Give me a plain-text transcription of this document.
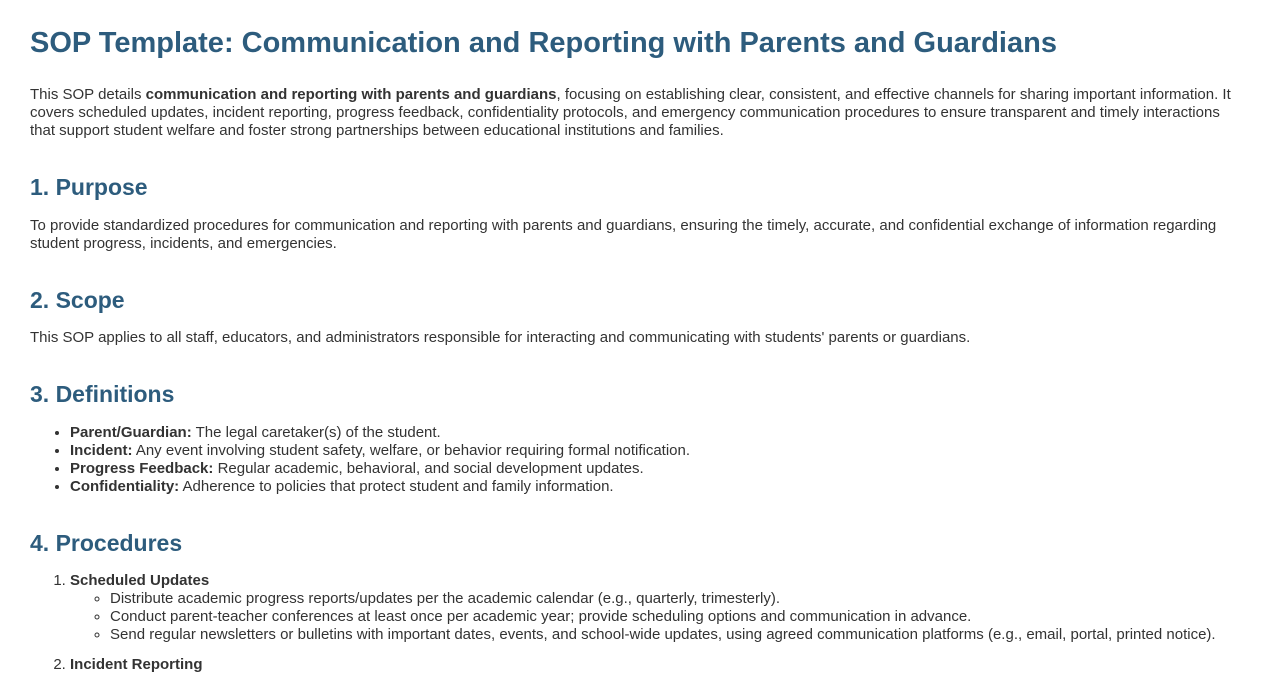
SOP Template: Communication and Reporting with Parents and Guardians

This SOP details communication and reporting with parents and guardians, focusing on establishing clear, consistent, and effective channels for sharing important information. It covers scheduled updates, incident reporting, progress feedback, confidentiality protocols, and emergency communication procedures to ensure transparent and timely interactions that support student welfare and foster strong partnerships between educational institutions and families.

1. Purpose

To provide standardized procedures for communication and reporting with parents and guardians, ensuring the timely, accurate, and confidential exchange of information regarding student progress, incidents, and emergencies.

2. Scope

This SOP applies to all staff, educators, and administrators responsible for interacting and communicating with students' parents or guardians.

3. Definitions
• Parent/Guardian: The legal caretaker(s) of the student.
• Incident: Any event involving student safety, welfare, or behavior requiring formal notification.
• Progress Feedback: Regular academic, behavioral, and social development updates.
• Confidentiality: Adherence to policies that protect student and family information.
4. Procedures
1. Scheduled Updates
◦ Distribute academic progress reports/updates per the academic calendar (e.g., quarterly, trimesterly).
◦ Conduct parent-teacher conferences at least once per academic year; provide scheduling options and communication in advance.
◦ Send regular newsletters or bulletins with important dates, events, and school-wide updates, using agreed communication platforms (e.g., email, portal, printed notice).
2. Incident Reporting
